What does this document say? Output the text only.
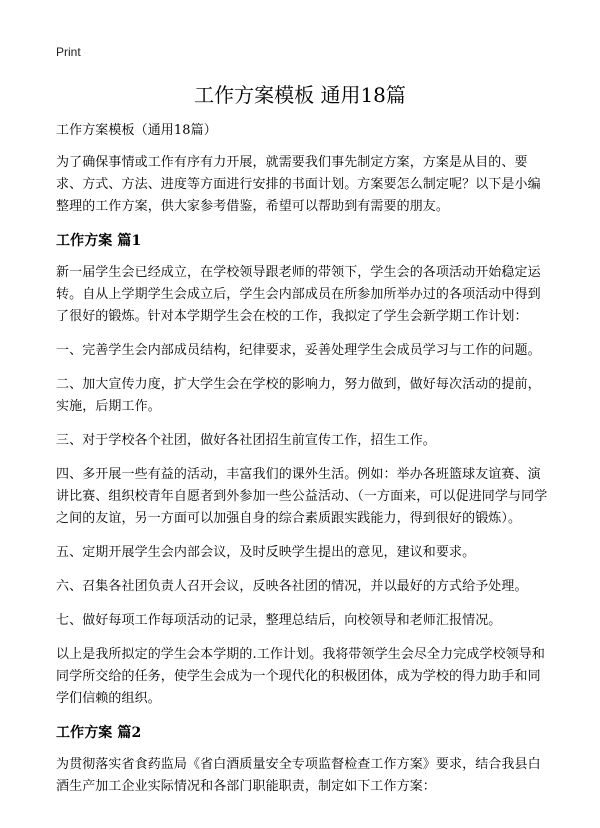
Print
工作方案模板 通用18篇

工作方案模板（通用18篇）

为了确保事情或工作有序有力开展，就需要我们事先制定方案，方案是从目的、要求、方式、方法、进度等方面进行安排的书面计划。方案要怎么制定呢？以下是小编整理的工作方案，供大家参考借鉴，希望可以帮助到有需要的朋友。

工作方案 篇1

新一届学生会已经成立，在学校领导跟老师的带领下，学生会的各项活动开始稳定运转。自从上学期学生会成立后，学生会内部成员在所参加所举办过的各项活动中得到了很好的锻炼。针对本学期学生会在校的工作，我拟定了学生会新学期工作计划：

一、完善学生会内部成员结构，纪律要求，妥善处理学生会成员学习与工作的问题。

二、加大宣传力度，扩大学生会在学校的影响力，努力做到，做好每次活动的提前，实施，后期工作。

三、对于学校各个社团，做好各社团招生前宣传工作，招生工作。

四、多开展一些有益的活动，丰富我们的课外生活。例如：举办各班篮球友谊赛、演讲比赛、组织校青年自愿者到外参加一些公益活动、（一方面来，可以促进同学与同学之间的友谊，另一方面可以加强自身的综合素质跟实践能力，得到很好的锻炼）。

五、定期开展学生会内部会议，及时反映学生提出的意见，建议和要求。

六、召集各社团负责人召开会议，反映各社团的情况，并以最好的方式给予处理。

七、做好每项工作每项活动的记录，整理总结后，向校领导和老师汇报情况。

以上是我所拟定的学生会本学期的.工作计划。我将带领学生会尽全力完成学校领导和同学所交给的任务，使学生会成为一个现代化的积极团体，成为学校的得力助手和同学们信赖的组织。

工作方案 篇2

为贯彻落实省食药监局《省白酒质量安全专项监督检查工作方案》要求，结合我县白酒生产加工企业实际情况和各部门职能职责，制定如下工作方案：
